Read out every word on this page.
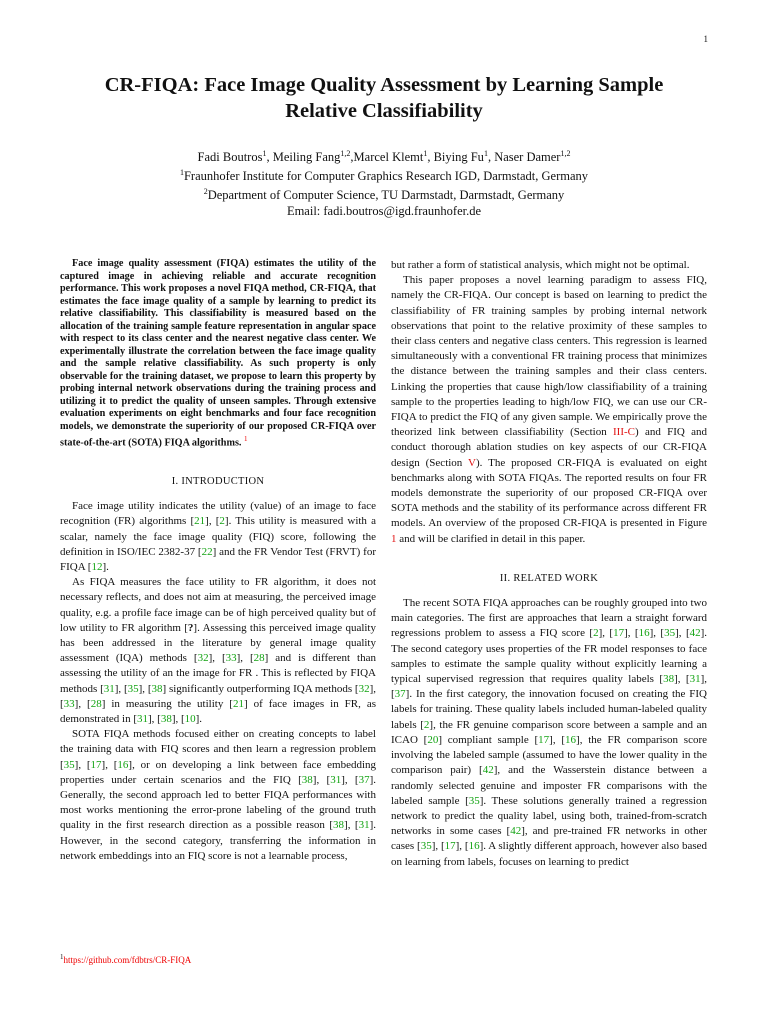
1
CR-FIQA: Face Image Quality Assessment by Learning Sample
Relative Classifiability
Fadi Boutros$^1$, Meiling Fang$^{1,2}$,Marcel Klemt$^1$, Biying Fu$^1$, Naser Damer$^{1,2}$
$^1$Fraunhofer Institute for Computer Graphics Research IGD, Darmstadt, Germany
$^2$Department of Computer Science, TU Darmstadt, Darmstadt, Germany
Email: fadi.boutros@igd.fraunhofer.de

Face image quality assessment (FIQA) estimates the utility of the captured image in achieving reliable and accurate recognition performance. This work proposes a novel FIQA method, CR-FIQA, that estimates the face image quality of a sample by learning to predict its relative classifiability. This classifiability is measured based on the allocation of the training sample feature representation in angular space with respect to its class center and the nearest negative class center. We experimentally illustrate the correlation between the face image quality and the sample relative classifiability. As such property is only observable for the training dataset, we propose to learn this property by probing internal network observations during the training process and utilizing it to predict the quality of unseen samples. Through extensive evaluation experiments on eight benchmarks and four face recognition models, we demonstrate the superiority of our proposed CR-FIQA over state-of-the-art (SOTA) FIQA algorithms. $^1$

I. INTRODUCTION

Face image utility indicates the utility (value) of an image to face recognition (FR) algorithms [21], [2]. This utility is measured with a scalar, namely the face image quality (FIQ) score, following the definition in ISO/IEC 2382-37 [22] and the FR Vendor Test (FRVT) for FIQA [12].

As FIQA measures the face utility to FR algorithm, it does not necessary reflects, and does not aim at measuring, the perceived image quality, e.g. a profile face image can be of high perceived quality but of low utility to FR algorithm [?]. Assessing this perceived image quality has been addressed in the literature by general image quality assessment (IQA) methods [32], [33], [28] and is different than assessing the utility of an the image for FR . This is reflected by FIQA methods [31], [35], [38] significantly outperforming IQA methods [32], [33], [28] in measuring the utility [21] of face images in FR, as demonstrated in [31], [38], [10].

SOTA FIQA methods focused either on creating concepts to label the training data with FIQ scores and then learn a regression problem [35], [17], [16], or on developing a link between face embedding properties under certain scenarios and the FIQ [38], [31], [37]. Generally, the second approach led to better FIQA performances with most works mentioning the error-prone labeling of the ground truth quality in the first research direction as a possible reason [38], [31]. However, in the second category, transferring the information in network embeddings into an FIQ score is not a learnable process,

$^1$https://github.com/fdbtrs/CR-FIQA

but rather a form of statistical analysis, which might not be optimal.

This paper proposes a novel learning paradigm to assess FIQ, namely the CR-FIQA. Our concept is based on learning to predict the classifiability of FR training samples by probing internal network observations that point to the relative proximity of these samples to their class centers and negative class centers. This regression is learned simultaneously with a conventional FR training process that minimizes the distance between the training samples and their class centers. Linking the properties that cause high/low classifiability of a training sample to the properties leading to high/low FIQ, we can use our CR-FIQA to predict the FIQ of any given sample. We empirically prove the theorized link between classifiability (Section III-C) and FIQ and conduct thorough ablation studies on key aspects of our CR-FIQA design (Section V). The proposed CR-FIQA is evaluated on eight benchmarks along with SOTA FIQAs. The reported results on four FR models demonstrate the superiority of our proposed CR-FIQA over SOTA methods and the stability of its performance across different FR models. An overview of the proposed CR-FIQA is presented in Figure 1 and will be clarified in detail in this paper.

II. RELATED WORK

The recent SOTA FIQA approaches can be roughly grouped into two main categories. The first are approaches that learn a straight forward regressions problem to assess a FIQ score [2], [17], [16], [35], [42]. The second category uses properties of the FR model responses to face samples to estimate the sample quality without explicitly learning a typical supervised regression that requires quality labels [38], [31], [37]. In the first category, the innovation focused on creating the FIQ labels for training. These quality labels included human-labeled quality labels [2], the FR genuine comparison score between a sample and an ICAO [20] compliant sample [17], [16], the FR comparison score involving the labeled sample (assumed to have the lower quality in the comparison pair) [42], and the Wasserstein distance between a randomly selected genuine and imposter FR comparisons with the labeled sample [35]. These solutions generally trained a regression network to predict the quality label, using both, trained-from-scratch networks in some cases [42], and pre-trained FR networks in other cases [35], [17], [16]. A slightly different approach, however also based on learning from labels, focuses on learning to predict
